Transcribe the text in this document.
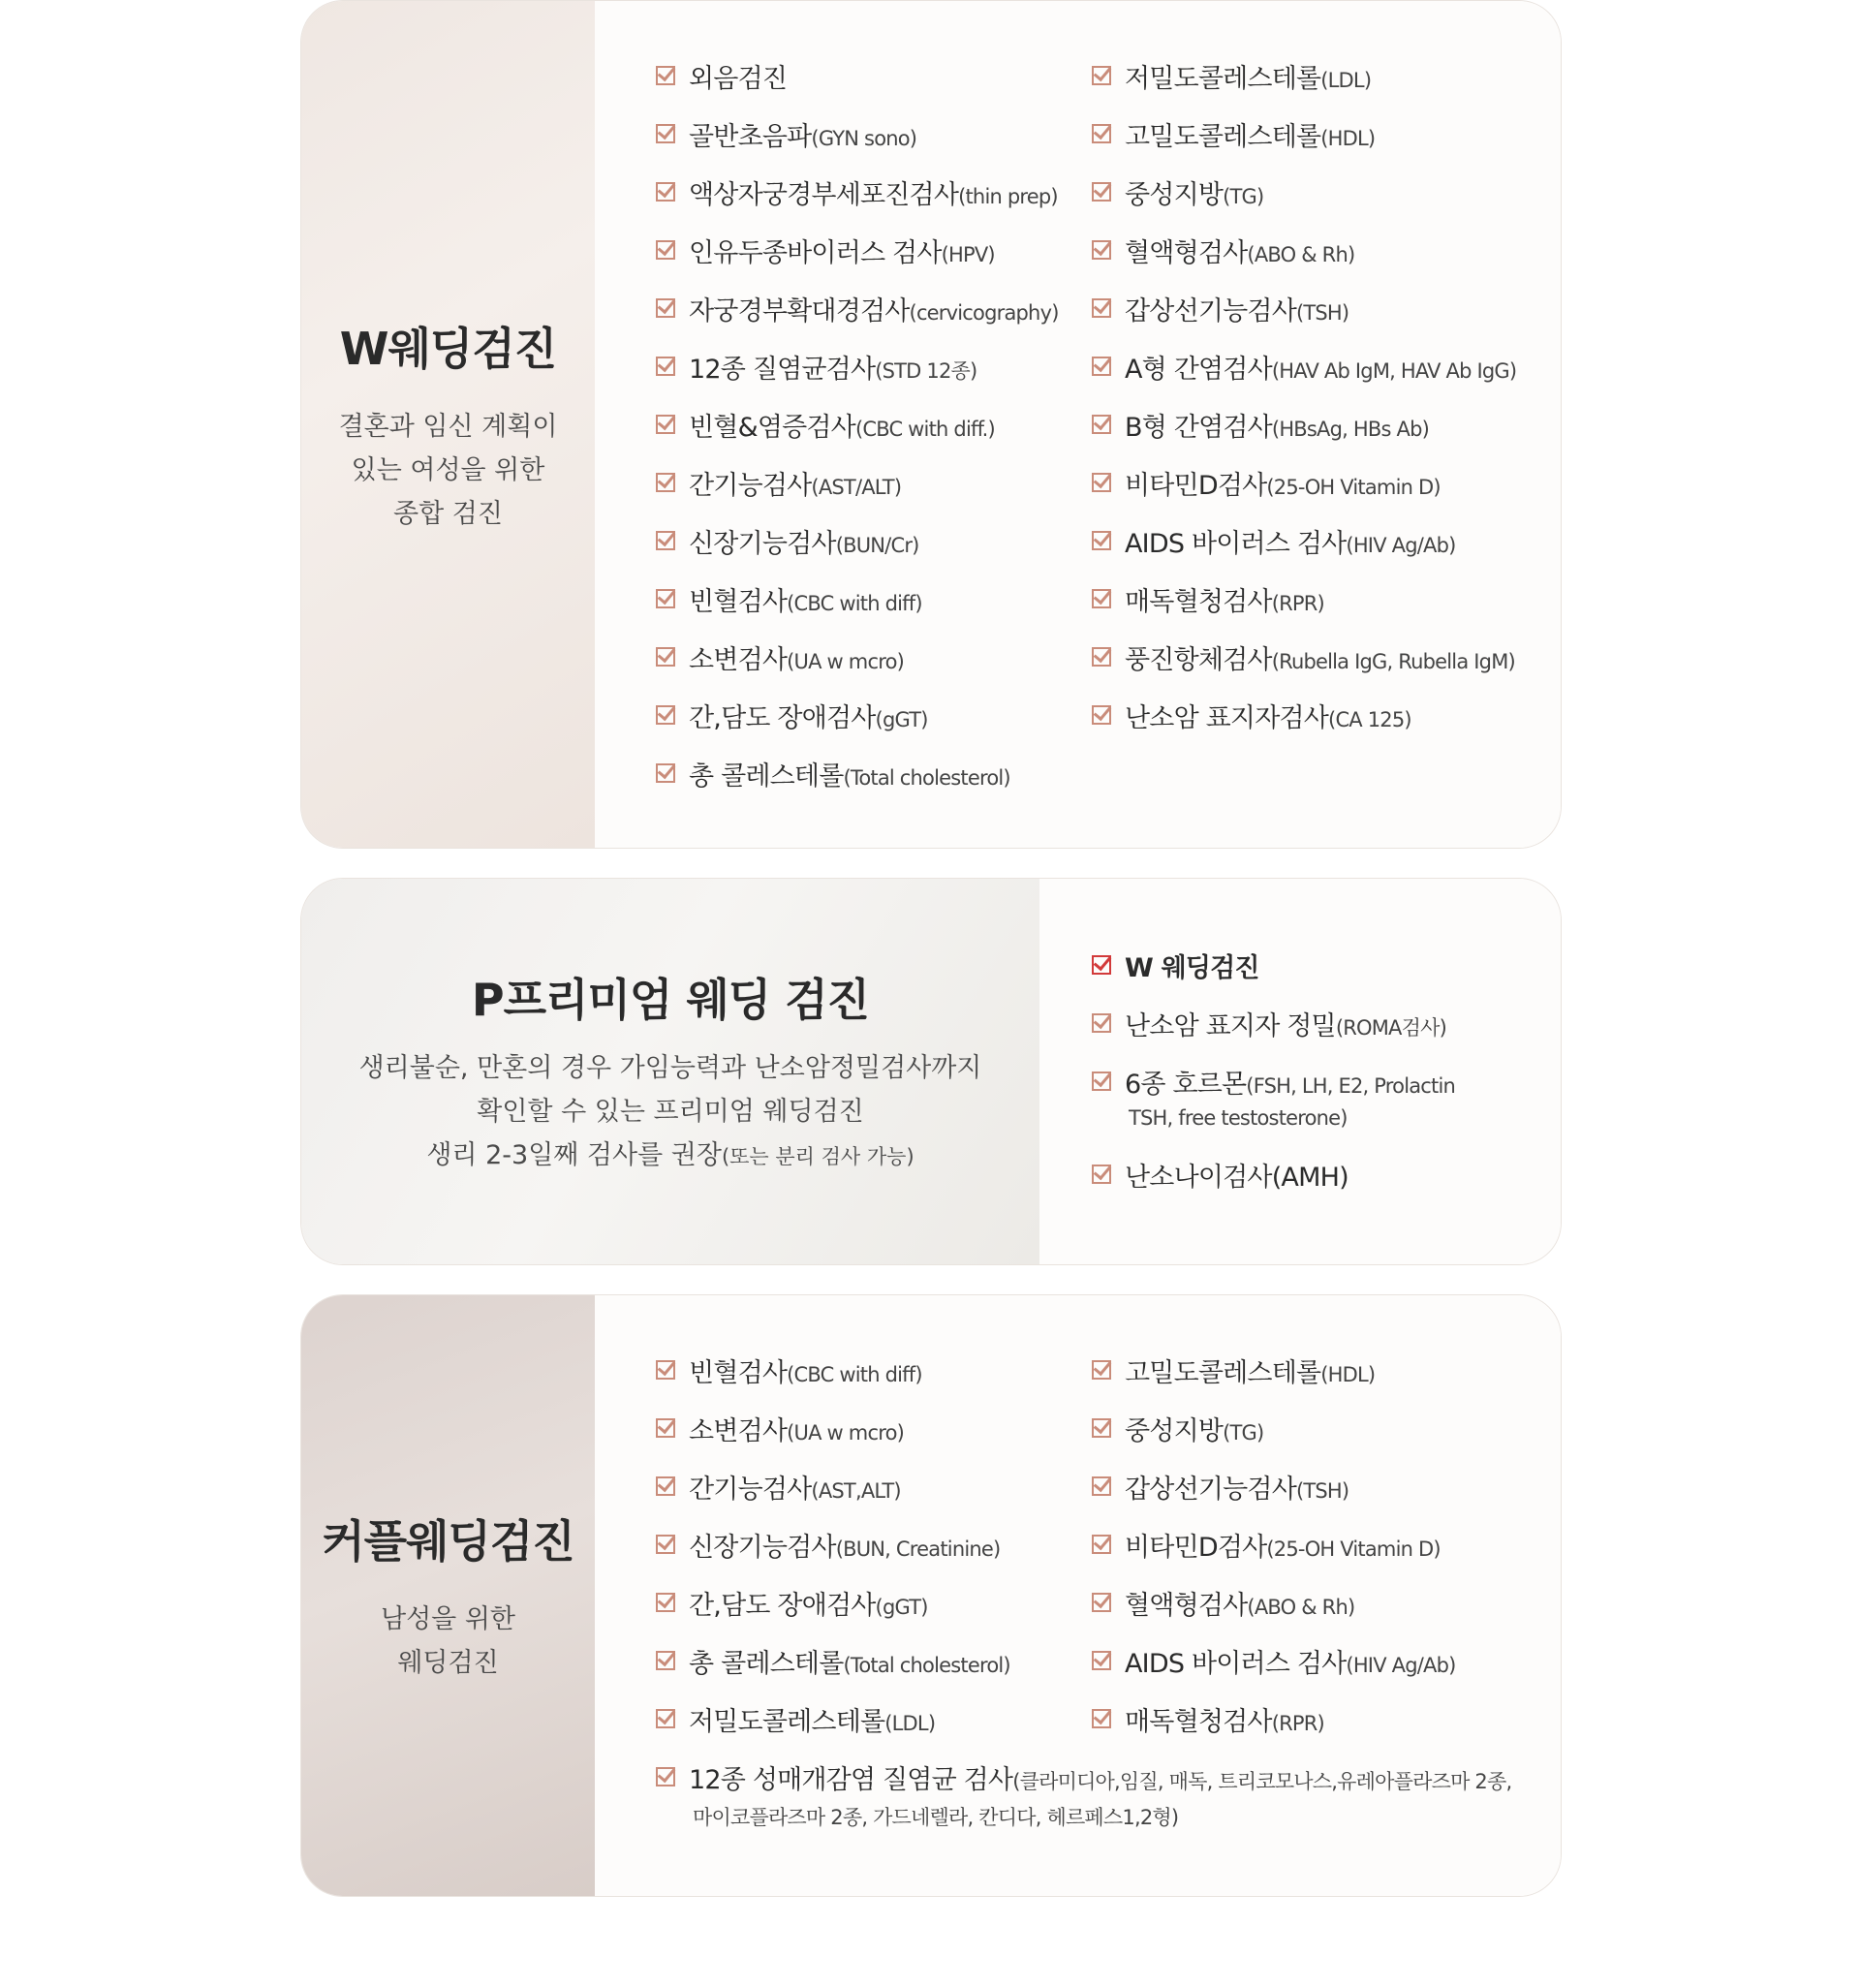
W웨딩검진

결혼과 임신 계획이
있는 여성을 위한
종합 검진

외음검진
골반초음파(GYN sono)
액상자궁경부세포진검사(thin prep)
인유두종바이러스 검사(HPV)
자궁경부확대경검사(cervicography)
12종 질염균검사(STD 12종)
빈혈&염증검사(CBC with diff.)
간기능검사(AST/ALT)
신장기능검사(BUN/Cr)
빈혈검사(CBC with diff)
소변검사(UA w mcro)
간,담도 장애검사(gGT)
총 콜레스테롤(Total cholesterol)
저밀도콜레스테롤(LDL)
고밀도콜레스테롤(HDL)
중성지방(TG)
혈액형검사(ABO & Rh)
갑상선기능검사(TSH)
A형 간염검사(HAV Ab IgM, HAV Ab IgG)
B형 간염검사(HBsAg, HBs Ab)
비타민D검사(25-OH Vitamin D)
AIDS 바이러스 검사(HIV Ag/Ab)
매독혈청검사(RPR)
풍진항체검사(Rubella IgG, Rubella IgM)
난소암 표지자검사(CA 125)
P프리미엄 웨딩 검진

생리불순, 만혼의 경우 가임능력과 난소암정밀검사까지
확인할 수 있는 프리미엄 웨딩검진
생리 2-3일째 검사를 권장(또는 분리 검사 가능)

W 웨딩검진
난소암 표지자 정밀(ROMA검사)
6종 호르몬(FSH, LH, E2, Prolactin
TSH, free testosterone)
난소나이검사(AMH)
커플웨딩검진

남성을 위한
웨딩검진

빈혈검사(CBC with diff)
소변검사(UA w mcro)
간기능검사(AST,ALT)
신장기능검사(BUN, Creatinine)
간,담도 장애검사(gGT)
총 콜레스테롤(Total cholesterol)
저밀도콜레스테롤(LDL)
고밀도콜레스테롤(HDL)
중성지방(TG)
갑상선기능검사(TSH)
비타민D검사(25-OH Vitamin D)
혈액형검사(ABO & Rh)
AIDS 바이러스 검사(HIV Ag/Ab)
매독혈청검사(RPR)
12종 성매개감염 질염균 검사(클라미디아,임질, 매독, 트리코모나스,유레아플라즈마 2종,
마이코플라즈마 2종, 가드네렐라, 칸디다, 헤르페스1,2형)
